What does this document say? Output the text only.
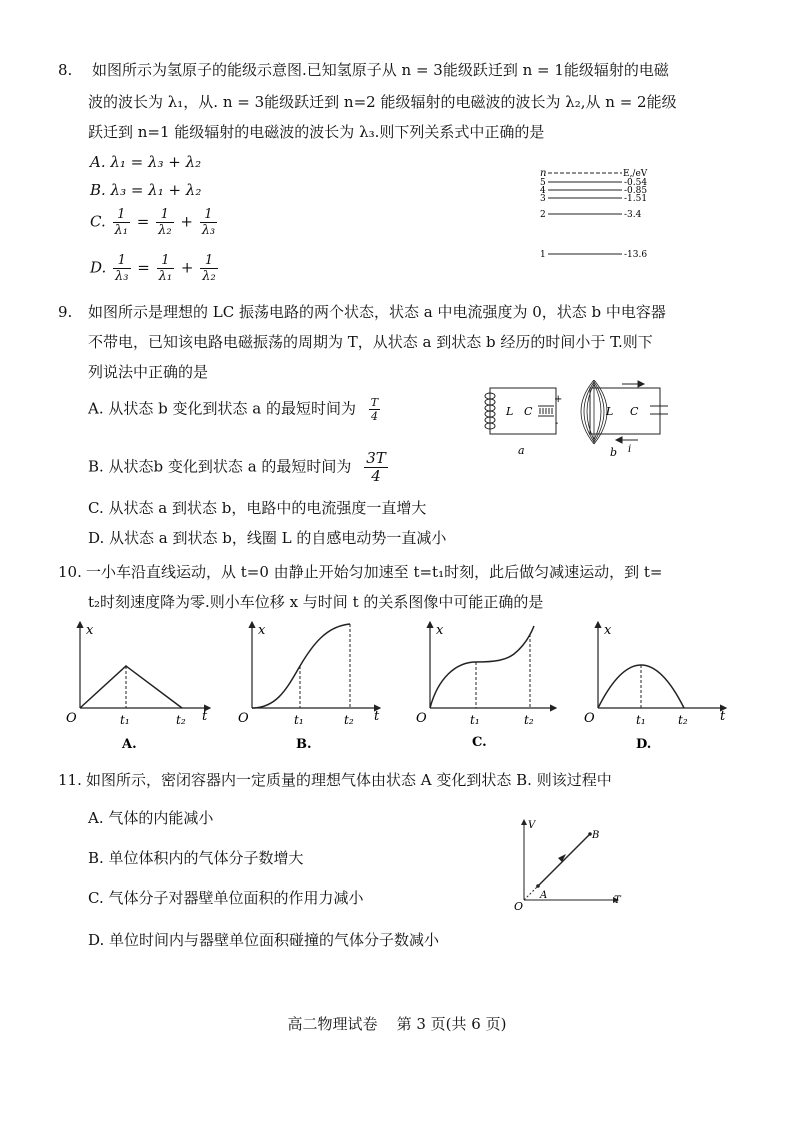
8. 如图所示为氢原子的能级示意图.已知氢原子从 n = 3能级跃迁到 n = 1能级辐射的电磁
波的波长为 λ₁，从. n = 3能级跃迁到 n=2 能级辐射的电磁波的波长为 λ₂,从 n = 2能级
跃迁到 n=1 能级辐射的电磁波的波长为 λ₃.则下列关系式中正确的是
A. λ₁ = λ₃ + λ₂
B. λ₃ = λ₁ + λ₂
C. $\frac{1}{\text{λ₁}} = \frac{1}{\text{λ₂}} + \frac{1}{\text{λ₃}}$
D. $\frac{1}{\text{λ₃}} = \frac{1}{\text{λ₁}} + \frac{1}{\text{λ₂}}$
n	E,/eV
5	-0.54
4	-0.85
3	-1.51
2	-3.4
1	-13.6
9. 如图所示是理想的 LC 振荡电路的两个状态，状态 a 中电流强度为 0，状态 b 中电容器
不带电，已知该电路电磁振荡的周期为 T，从状态 a 到状态 b 经历的时间小于 T.则下
列说法中正确的是
A. 从状态 b 变化到状态 a 的最短时间为 $\frac{T}{4}$
B. 从状态b 变化到状态 a 的最短时间为 $\frac{3T}{4}$
C. 从状态 a 到状态 b，电路中的电流强度一直增大
D. 从状态 a 到状态 b，线圈 L 的自感电动势一直减小
L C
+
-
a
L C
b i
10. 一小车沿直线运动，从 t=0 由静止开始匀加速至 t=t₁时刻，此后做匀减速运动，到 t=
t₂时刻速度降为零.则小车位移 x 与时间 t 的关系图像中可能正确的是
x
t
O	t₁	t₂
A.
x
t
O	t₁	t₂
B.
x
O	t₁	t₂
C.
x
t
O	t₁	t₂
D.
11. 如图所示，密闭容器内一定质量的理想气体由状态 A 变化到状态 B. 则该过程中
A. 气体的内能减小
B. 单位体积内的气体分子数增大
C. 气体分子对器壁单位面积的作用力减小
D. 单位时间内与器壁单位面积碰撞的气体分子数减小
V
T
O
A
B
高二物理试卷    第 3 页(共 6 页)
